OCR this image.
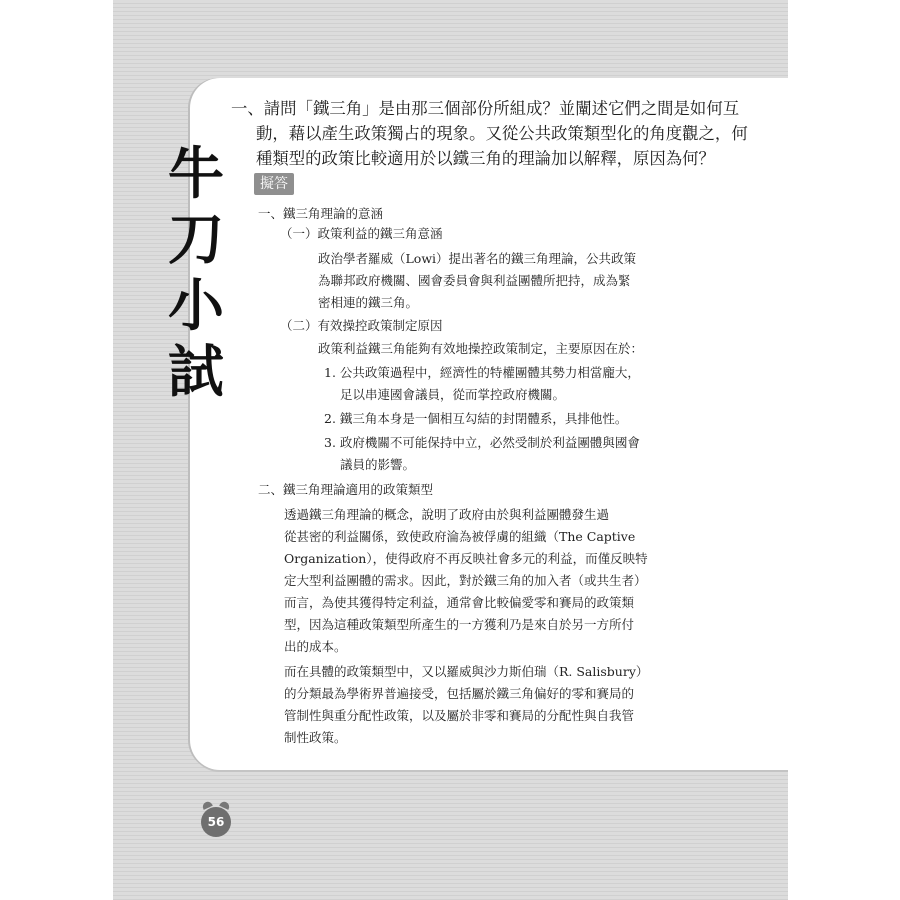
牛
刀
小
試
一、請問「鐵三角」是由那三個部份所組成？並闡述它們之間是如何互
動，藉以產生政策獨占的現象。又從公共政策類型化的角度觀之，何
種類型的政策比較適用於以鐵三角的理論加以解釋，原因為何？
擬答
一、鐵三角理論的意涵
（一）政策利益的鐵三角意涵
政治學者羅威（Lowi）提出著名的鐵三角理論，公共政策
為聯邦政府機關、國會委員會與利益團體所把持，成為緊
密相連的鐵三角。
（二）有效操控政策制定原因
政策利益鐵三角能夠有效地操控政策制定，主要原因在於：
1. 公共政策過程中，經濟性的特權團體其勢力相當龐大，
足以串連國會議員，從而掌控政府機關。
2. 鐵三角本身是一個相互勾結的封閉體系，具排他性。
3. 政府機關不可能保持中立，必然受制於利益團體與國會
議員的影響。
二、鐵三角理論適用的政策類型
透過鐵三角理論的概念，說明了政府由於與利益團體發生過
從甚密的利益關係，致使政府淪為被俘虜的組織（The Captive
Organization），使得政府不再反映社會多元的利益，而僅反映特
定大型利益團體的需求。因此，對於鐵三角的加入者（或共生者）
而言，為使其獲得特定利益，通常會比較偏愛零和賽局的政策類
型，因為這種政策類型所產生的一方獲利乃是來自於另一方所付
出的成本。
而在具體的政策類型中，又以羅威與沙力斯伯瑞（R. Salisbury）
的分類最為學術界普遍接受，包括屬於鐵三角偏好的零和賽局的
管制性與重分配性政策，以及屬於非零和賽局的分配性與自我管
制性政策。
56
